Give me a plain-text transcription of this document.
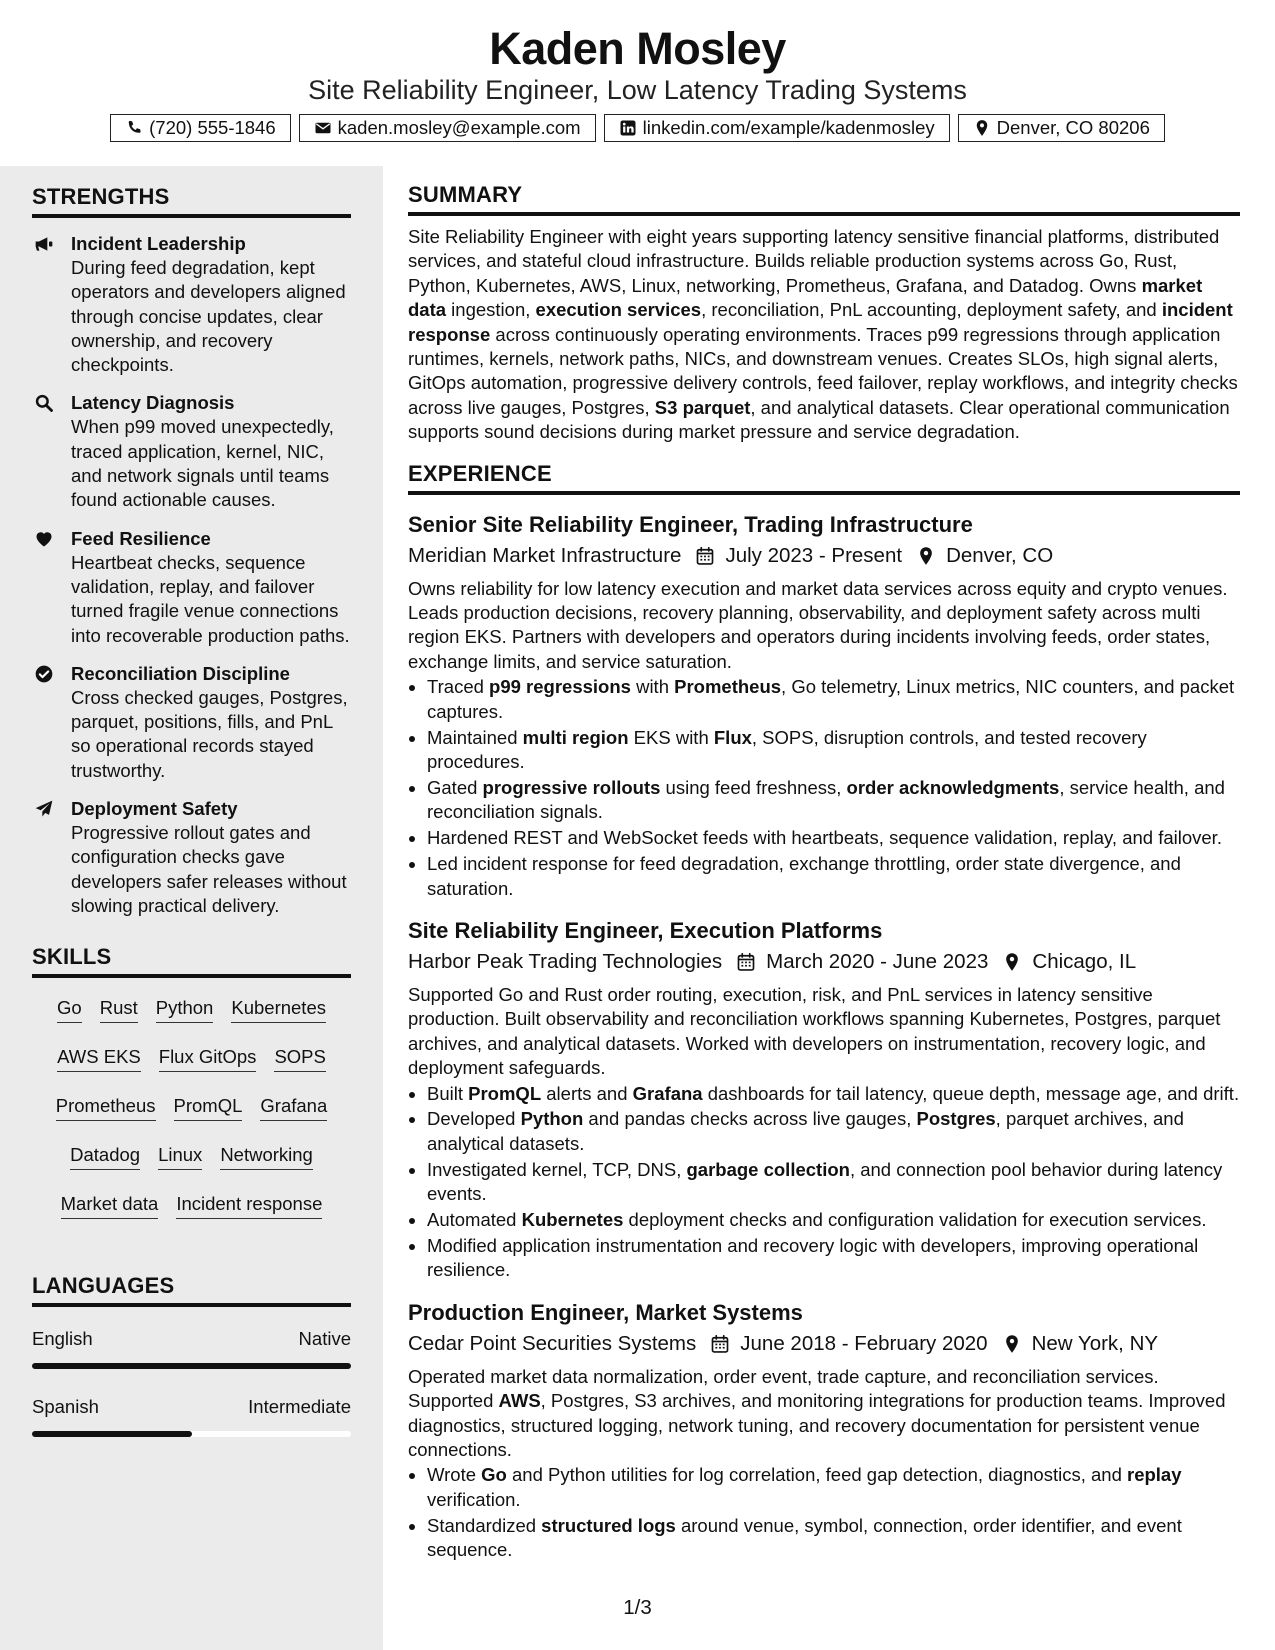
Kaden Mosley
Site Reliability Engineer, Low Latency Trading Systems
(720) 555-1846	kaden.mosley@example.com	linkedin.com/example/kadenmosley	Denver, CO 80206
STRENGTHS
Incident Leadership
During feed degradation, kept operators and developers aligned through concise updates, clear ownership, and recovery checkpoints.
Latency Diagnosis
When p99 moved unexpectedly, traced application, kernel, NIC, and network signals until teams found actionable causes.
Feed Resilience
Heartbeat checks, sequence validation, replay, and failover turned fragile venue connections into recoverable production paths.
Reconciliation Discipline
Cross checked gauges, Postgres, parquet, positions, fills, and PnL so operational records stayed trustworthy.
Deployment Safety
Progressive rollout gates and configuration checks gave developers safer releases without slowing practical delivery.
SKILLS
Go Rust Python Kubernetes
AWS EKS Flux GitOps SOPS
Prometheus PromQL Grafana
Datadog Linux Networking
Market data Incident response
LANGUAGES
English	Native
Spanish	Intermediate
SUMMARY
Site Reliability Engineer with eight years supporting latency sensitive financial platforms, distributed services, and stateful cloud infrastructure. Builds reliable production systems across Go, Rust, Python, Kubernetes, AWS, Linux, networking, Prometheus, Grafana, and Datadog. Owns market data ingestion, execution services, reconciliation, PnL accounting, deployment safety, and incident response across continuously operating environments. Traces p99 regressions through application runtimes, kernels, network paths, NICs, and downstream venues. Creates SLOs, high signal alerts, GitOps automation, progressive delivery controls, feed failover, replay workflows, and integrity checks across live gauges, Postgres, S3 parquet, and analytical datasets. Clear operational communication supports sound decisions during market pressure and service degradation.
EXPERIENCE
Senior Site Reliability Engineer, Trading Infrastructure
Meridian Market Infrastructure July 2023 - Present Denver, CO
Owns reliability for low latency execution and market data services across equity and crypto venues. Leads production decisions, recovery planning, observability, and deployment safety across multi region EKS. Partners with developers and operators during incidents involving feeds, order states, exchange limits, and service saturation.
• Traced p99 regressions with Prometheus, Go telemetry, Linux metrics, NIC counters, and packet captures.
• Maintained multi region EKS with Flux, SOPS, disruption controls, and tested recovery procedures.
• Gated progressive rollouts using feed freshness, order acknowledgments, service health, and reconciliation signals.
• Hardened REST and WebSocket feeds with heartbeats, sequence validation, replay, and failover.
• Led incident response for feed degradation, exchange throttling, order state divergence, and saturation.
Site Reliability Engineer, Execution Platforms
Harbor Peak Trading Technologies March 2020 - June 2023 Chicago, IL
Supported Go and Rust order routing, execution, risk, and PnL services in latency sensitive production. Built observability and reconciliation workflows spanning Kubernetes, Postgres, parquet archives, and analytical datasets. Worked with developers on instrumentation, recovery logic, and deployment safeguards.
• Built PromQL alerts and Grafana dashboards for tail latency, queue depth, message age, and drift.
• Developed Python and pandas checks across live gauges, Postgres, parquet archives, and analytical datasets.
• Investigated kernel, TCP, DNS, garbage collection, and connection pool behavior during latency events.
• Automated Kubernetes deployment checks and configuration validation for execution services.
• Modified application instrumentation and recovery logic with developers, improving operational resilience.
Production Engineer, Market Systems
Cedar Point Securities Systems June 2018 - February 2020 New York, NY
Operated market data normalization, order event, trade capture, and reconciliation services. Supported AWS, Postgres, S3 archives, and monitoring integrations for production teams. Improved diagnostics, structured logging, network tuning, and recovery documentation for persistent venue connections.
• Wrote Go and Python utilities for log correlation, feed gap detection, diagnostics, and replay verification.
• Standardized structured logs around venue, symbol, connection, order identifier, and event sequence.
1/3
